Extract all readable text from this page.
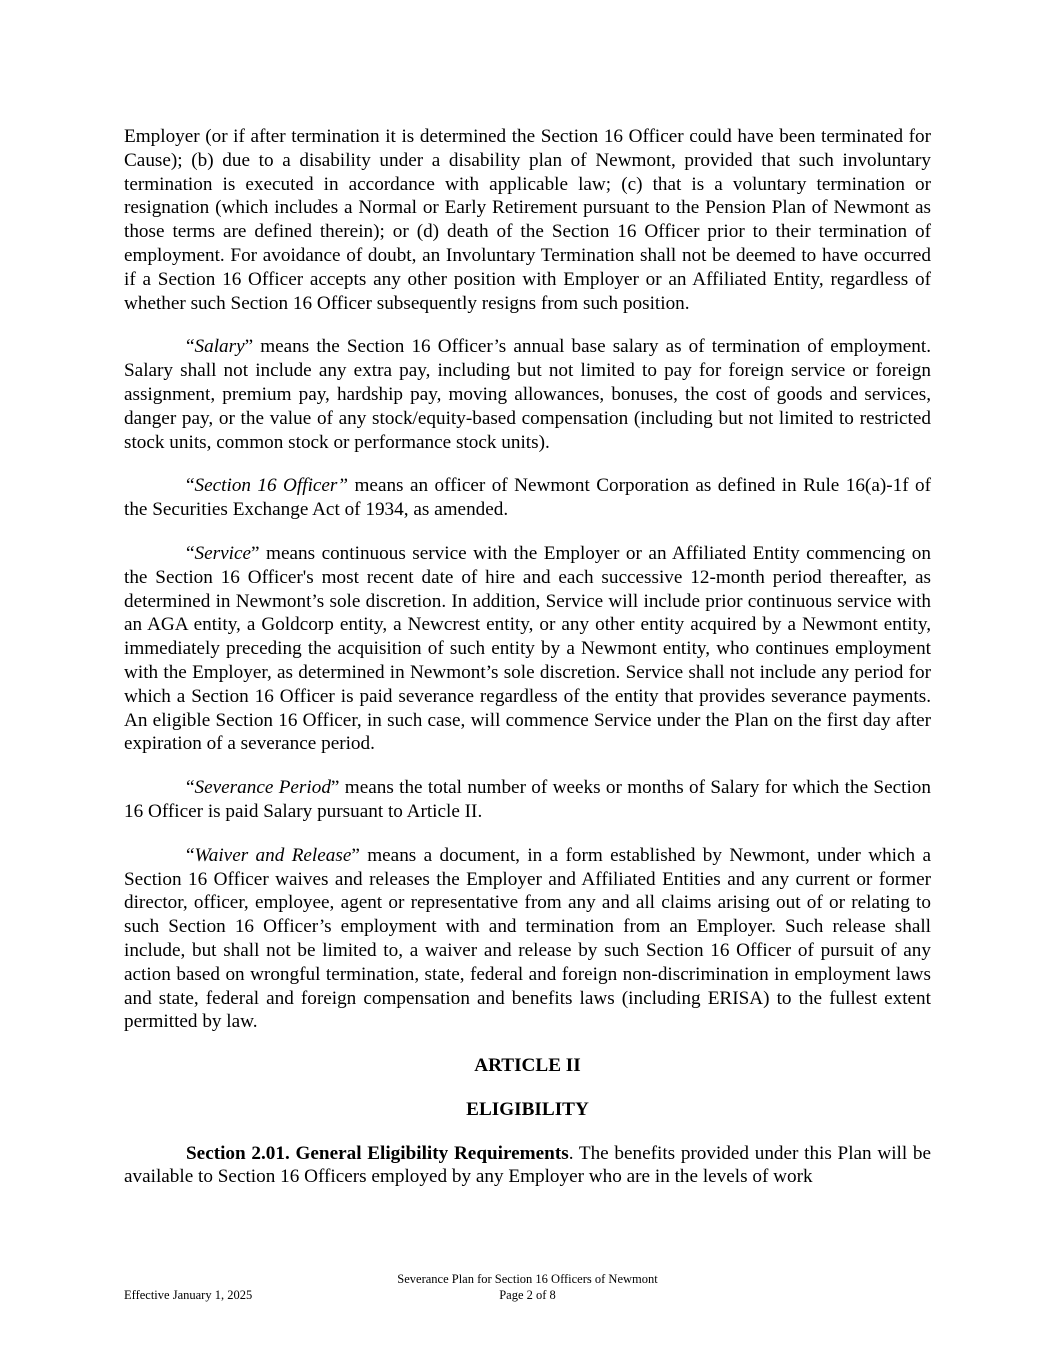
Employer (or if after termination it is determined the Section 16 Officer could have been terminated for Cause); (b) due to a disability under a disability plan of Newmont, provided that such involuntary termination is executed in accordance with applicable law; (c) that is a voluntary termination or resignation (which includes a Normal or Early Retirement pursuant to the Pension Plan of Newmont as those terms are defined therein); or (d) death of the Section 16 Officer prior to their termination of employment. For avoidance of doubt, an Involuntary Termination shall not be deemed to have occurred if a Section 16 Officer accepts any other position with Employer or an Affiliated Entity, regardless of whether such Section 16 Officer subsequently resigns from such position.

“Salary” means the Section 16 Officer’s annual base salary as of termination of employment. Salary shall not include any extra pay, including but not limited to pay for foreign service or foreign assignment, premium pay, hardship pay, moving allowances, bonuses, the cost of goods and services, danger pay, or the value of any stock/equity-based compensation (including but not limited to restricted stock units, common stock or performance stock units).

“Section 16 Officer” means an officer of Newmont Corporation as defined in Rule 16(a)-1f of the Securities Exchange Act of 1934, as amended.

“Service” means continuous service with the Employer or an Affiliated Entity commencing on the Section 16 Officer's most recent date of hire and each successive 12-month period thereafter, as determined in Newmont’s sole discretion. In addition, Service will include prior continuous service with an AGA entity, a Goldcorp entity, a Newcrest entity, or any other entity acquired by a Newmont entity, immediately preceding the acquisition of such entity by a Newmont entity, who continues employment with the Employer, as determined in Newmont’s sole discretion. Service shall not include any period for which a Section 16 Officer is paid severance regardless of the entity that provides severance payments. An eligible Section 16 Officer, in such case, will commence Service under the Plan on the first day after expiration of a severance period.

“Severance Period” means the total number of weeks or months of Salary for which the Section 16 Officer is paid Salary pursuant to Article II.

“Waiver and Release” means a document, in a form established by Newmont, under which a Section 16 Officer waives and releases the Employer and Affiliated Entities and any current or former director, officer, employee, agent or representative from any and all claims arising out of or relating to such Section 16 Officer’s employment with and termination from an Employer. Such release shall include, but shall not be limited to, a waiver and release by such Section 16 Officer of pursuit of any action based on wrongful termination, state, federal and foreign non-discrimination in employment laws and state, federal and foreign compensation and benefits laws (including ERISA) to the fullest extent permitted by law.

ARTICLE II
ELIGIBILITY

Section 2.01. General Eligibility Requirements. The benefits provided under this Plan will be available to Section 16 Officers employed by any Employer who are in the levels of work

Severance Plan for Section 16 Officers of Newmont
Page 2 of 8
Effective January 1, 2025
